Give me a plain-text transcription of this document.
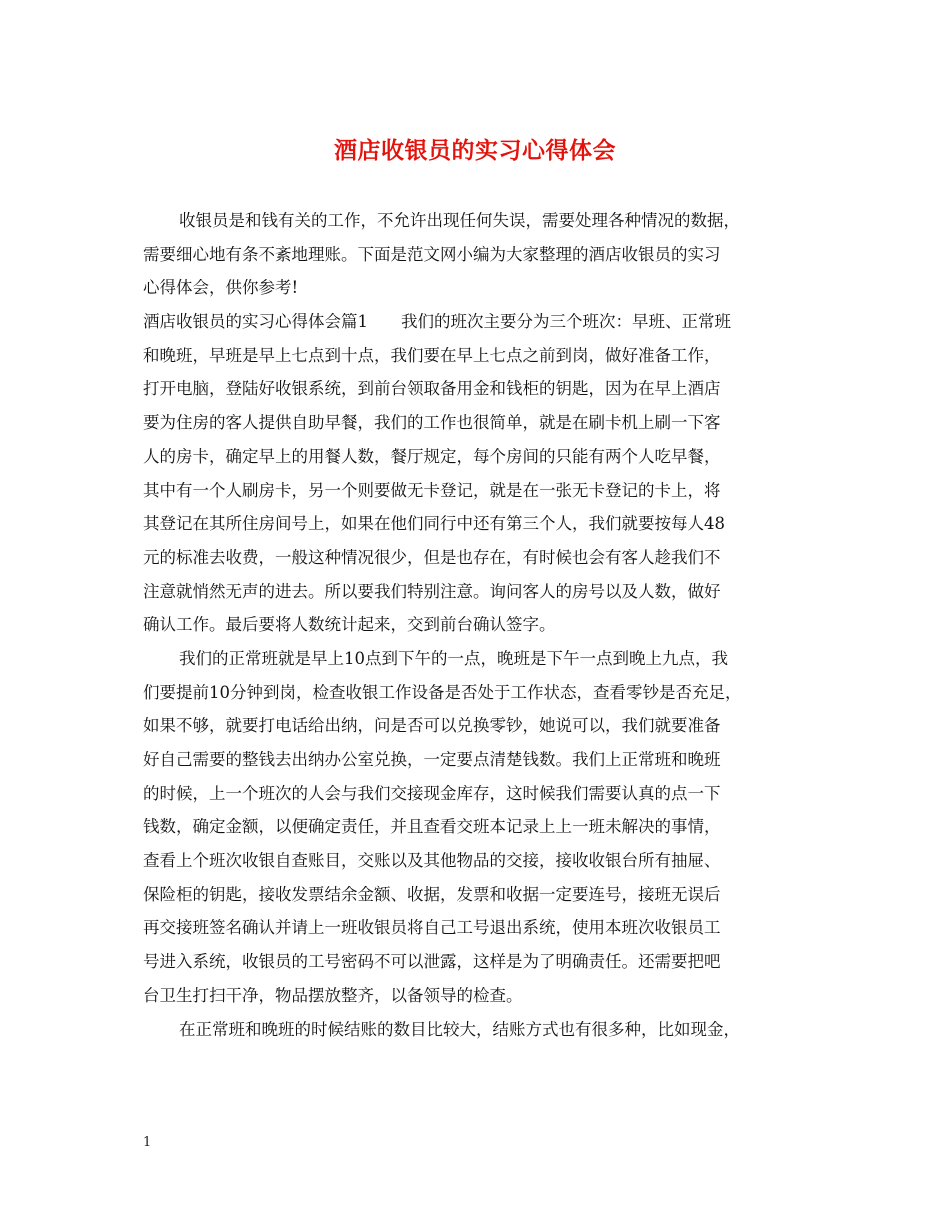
酒店收银员的实习心得体会
收银员是和钱有关的工作，不允许出现任何失误，需要处理各种情况的数据，
需要细心地有条不紊地理账。下面是范文网小编为大家整理的酒店收银员的实习
心得体会，供你参考!
酒店收银员的实习心得体会篇1　　我们的班次主要分为三个班次：早班、正常班
和晚班，早班是早上七点到十点，我们要在早上七点之前到岗，做好准备工作，
打开电脑，登陆好收银系统，到前台领取备用金和钱柜的钥匙，因为在早上酒店
要为住房的客人提供自助早餐，我们的工作也很简单，就是在刷卡机上刷一下客
人的房卡，确定早上的用餐人数，餐厅规定，每个房间的只能有两个人吃早餐，
其中有一个人刷房卡，另一个则要做无卡登记，就是在一张无卡登记的卡上，将
其登记在其所住房间号上，如果在他们同行中还有第三个人，我们就要按每人48
元的标准去收费，一般这种情况很少，但是也存在，有时候也会有客人趁我们不
注意就悄然无声的进去。所以要我们特别注意。询问客人的房号以及人数，做好
确认工作。最后要将人数统计起来，交到前台确认签字。
我们的正常班就是早上10点到下午的一点，晚班是下午一点到晚上九点，我
们要提前10分钟到岗，检查收银工作设备是否处于工作状态，查看零钞是否充足，
如果不够，就要打电话给出纳，问是否可以兑换零钞，她说可以，我们就要准备
好自己需要的整钱去出纳办公室兑换，一定要点清楚钱数。我们上正常班和晚班
的时候，上一个班次的人会与我们交接现金库存，这时候我们需要认真的点一下
钱数，确定金额，以便确定责任，并且查看交班本记录上上一班未解决的事情，
查看上个班次收银自查账目，交账以及其他物品的交接，接收收银台所有抽屉、
保险柜的钥匙，接收发票结余金额、收据，发票和收据一定要连号，接班无误后
再交接班签名确认并请上一班收银员将自己工号退出系统，使用本班次收银员工
号进入系统，收银员的工号密码不可以泄露，这样是为了明确责任。还需要把吧
台卫生打扫干净，物品摆放整齐，以备领导的检查。
在正常班和晚班的时候结账的数目比较大，结账方式也有很多种，比如现金，
1
